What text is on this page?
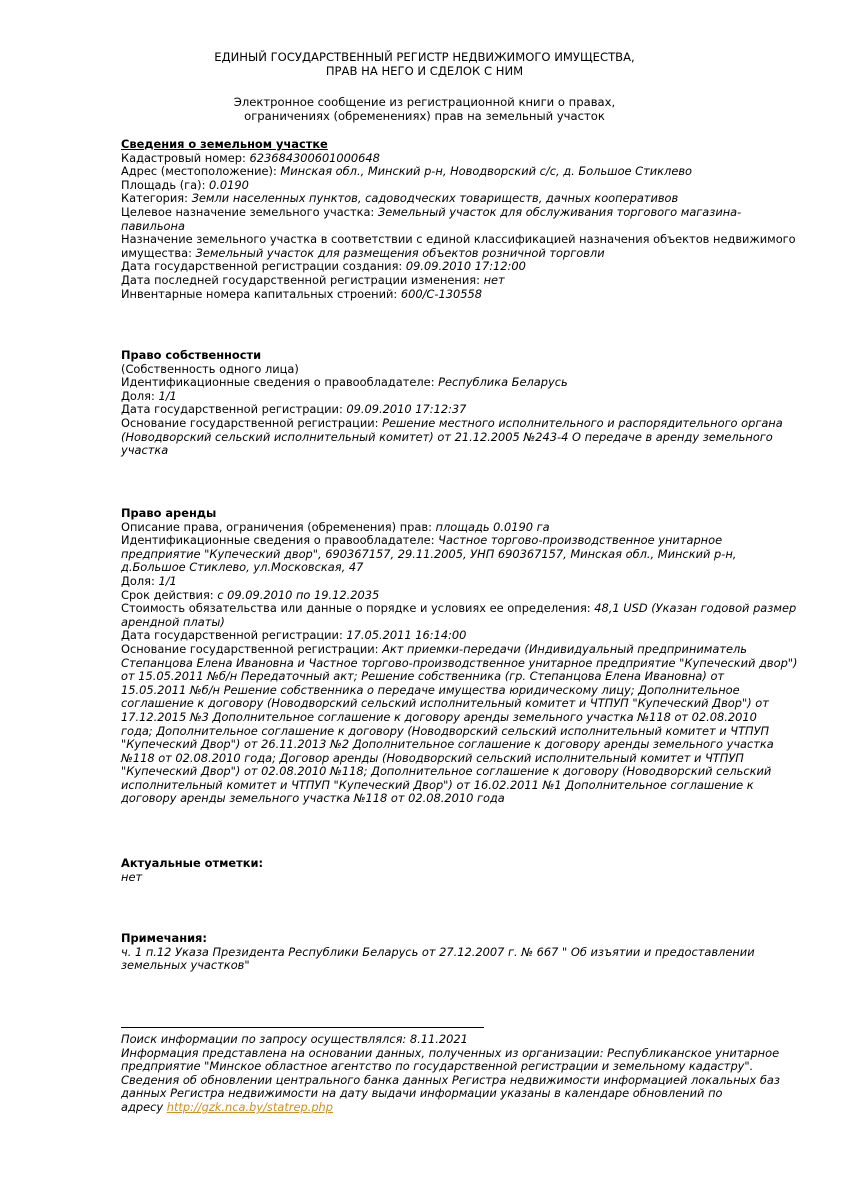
ЕДИНЫЙ ГОСУДАРСТВЕННЫЙ РЕГИСТР НЕДВИЖИМОГО ИМУЩЕСТВА,
ПРАВ НА НЕГО И СДЕЛОК С НИМ
Электронное сообщение из регистрационной книги о правах,
ограничениях (обременениях) прав на земельный участок
Сведения о земельном участке
Кадастровый номер: 623684300601000648
Адрес (местоположение): Минская обл., Минский р-н, Новодворский с/с, д. Большое Стиклево
Площадь (га): 0.0190
Категория: Земли населенных пунктов, садоводческих товариществ, дачных кооперативов
Целевое назначение земельного участка: Земельный участок для обслуживания торгового магазина-
павильона
Назначение земельного участка в соответствии с единой классификацией назначения объектов недвижимого
имущества: Земельный участок для размещения объектов розничной торговли
Дата государственной регистрации создания: 09.09.2010 17:12:00
Дата последней государственной регистрации изменения: нет
Инвентарные номера капитальных строений: 600/С-130558
Право собственности
(Собственность одного лица)
Идентификационные сведения о правообладателе: Республика Беларусь
Доля: 1/1
Дата государственной регистрации: 09.09.2010 17:12:37
Основание государственной регистрации: Решение местного исполнительного и распорядительного органа
(Новодворский сельский исполнительный комитет) от 21.12.2005 №243-4 О передаче в аренду земельного
участка
Право аренды
Описание права, ограничения (обременения) прав: площадь 0.0190 га
Идентификационные сведения о правообладателе: Частное торгово-производственное унитарное
предприятие "Купеческий двор", 690367157, 29.11.2005, УНП 690367157, Минская обл., Минский р-н,
д.Большое Стиклево, ул.Московская, 47
Доля: 1/1
Срок действия: с 09.09.2010 по 19.12.2035
Стоимость обязательства или данные о порядке и условиях ее определения: 48,1 USD (Указан годовой размер
арендной платы)
Дата государственной регистрации: 17.05.2011 16:14:00
Основание государственной регистрации: Акт приемки-передачи (Индивидуальный предприниматель
Степанцова Елена Ивановна и Частное торгово-производственное унитарное предприятие "Купеческий двор")
от 15.05.2011 №б/н Передаточный акт; Решение собственника (гр. Степанцова Елена Ивановна) от
15.05.2011 №б/н Решение собственника о передаче имущества юридическому лицу; Дополнительное
соглашение к договору (Новодворский сельский исполнительный комитет и ЧТПУП "Купеческий Двор") от
17.12.2015 №3 Дополнительное соглашение к договору аренды земельного участка №118 от 02.08.2010
года; Дополнительное соглашение к договору (Новодворский сельский исполнительный комитет и ЧТПУП
"Купеческий Двор") от 26.11.2013 №2 Дополнительное соглашение к договору аренды земельного участка
№118 от 02.08.2010 года; Договор аренды (Новодворский сельский исполнительный комитет и ЧТПУП
"Купеческий Двор") от 02.08.2010 №118; Дополнительное соглашение к договору (Новодворский сельский
исполнительный комитет и ЧТПУП "Купеческий Двор") от 16.02.2011 №1 Дополнительное соглашение к
договору аренды земельного участка №118 от 02.08.2010 года
Актуальные отметки:
нет
Примечания:
ч. 1 п.12 Указа Президента Республики Беларусь от 27.12.2007 г. № 667 " Об изъятии и предоставлении
земельных участков"
Поиск информации по запросу осуществлялся: 8.11.2021
Информация представлена на основании данных, полученных из организации: Республиканское унитарное
предприятие "Минское областное агентство по государственной регистрации и земельному кадастру".
Сведения об обновлении центрального банка данных Регистра недвижимости информацией локальных баз
данных Регистра недвижимости на дату выдачи информации указаны в календаре обновлений по
адресу http://gzk.nca.by/statrep.php
